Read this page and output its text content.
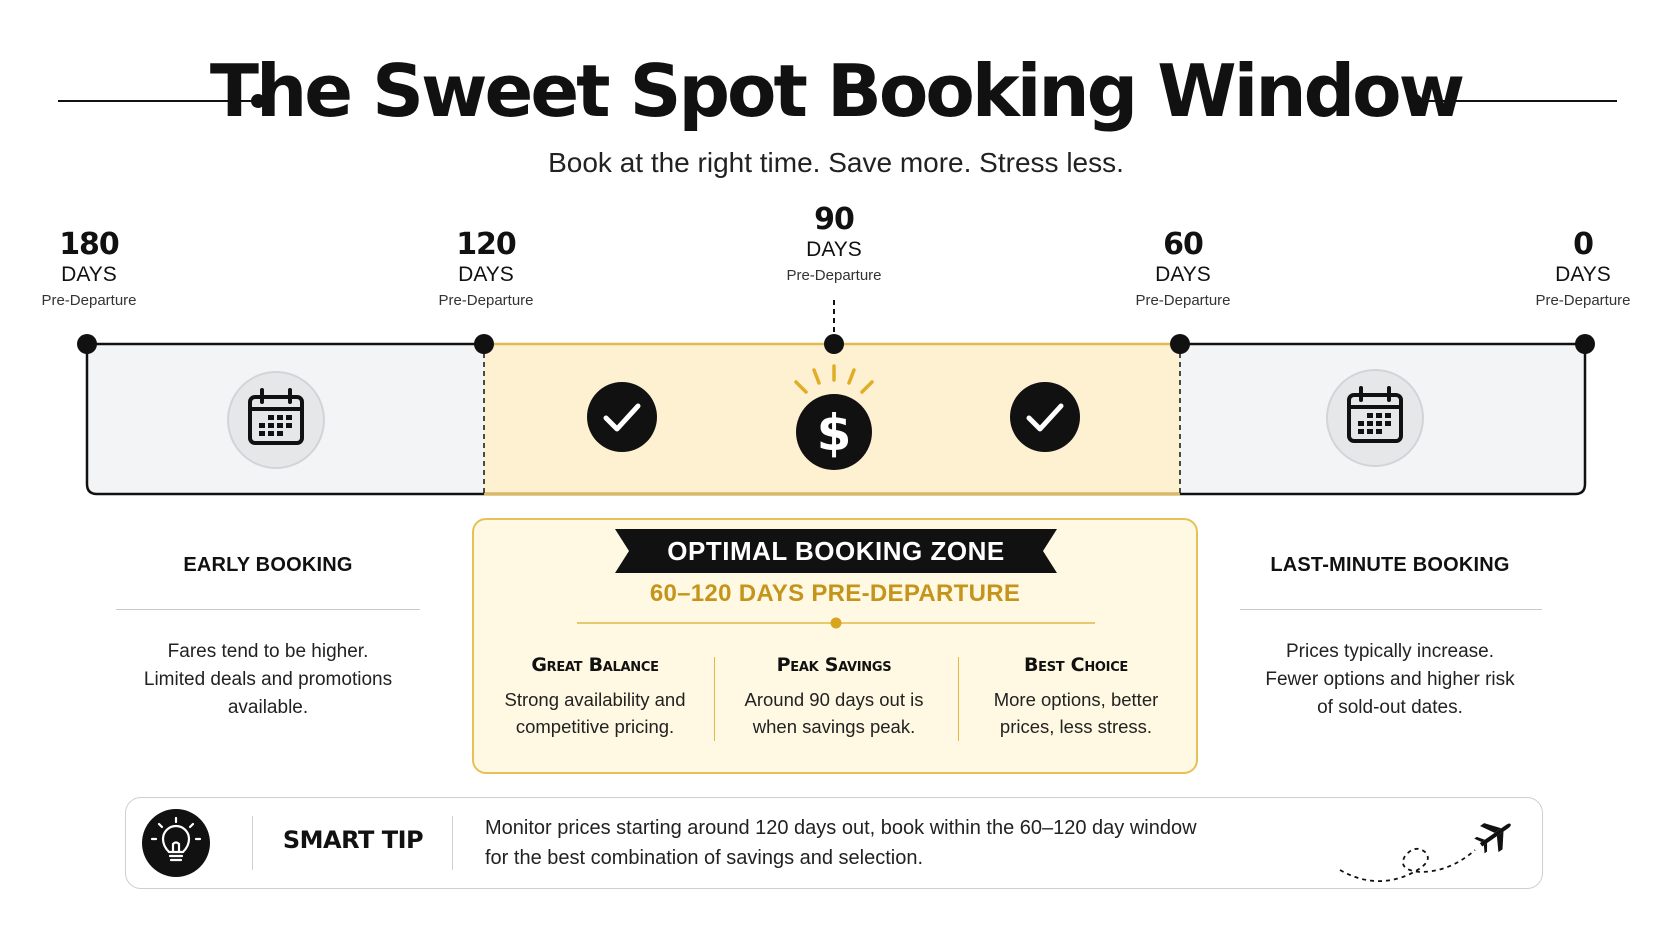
The Sweet Spot Booking Window
Book at the right time. Save more. Stress less.
180
DAYS
Pre-Departure
120
DAYS
Pre-Departure
90
DAYS
Pre-Departure
60
DAYS
Pre-Departure
0
DAYS
Pre-Departure
$
EARLY BOOKING
Fares tend to be higher.
Limited deals and promotions
available.
OPTIMAL BOOKING ZONE
60–120 DAYS PRE-DEPARTURE
Great Balance
Strong availability and
competitive pricing.
Peak Savings
Around 90 days out is
when savings peak.
Best Choice
More options, better
prices, less stress.
LAST-MINUTE BOOKING
Prices typically increase.
Fewer options and higher risk
of sold-out dates.
SMART TIP	Monitor prices starting around 120 days out, book within the 60–120 day window
for the best combination of savings and selection.
